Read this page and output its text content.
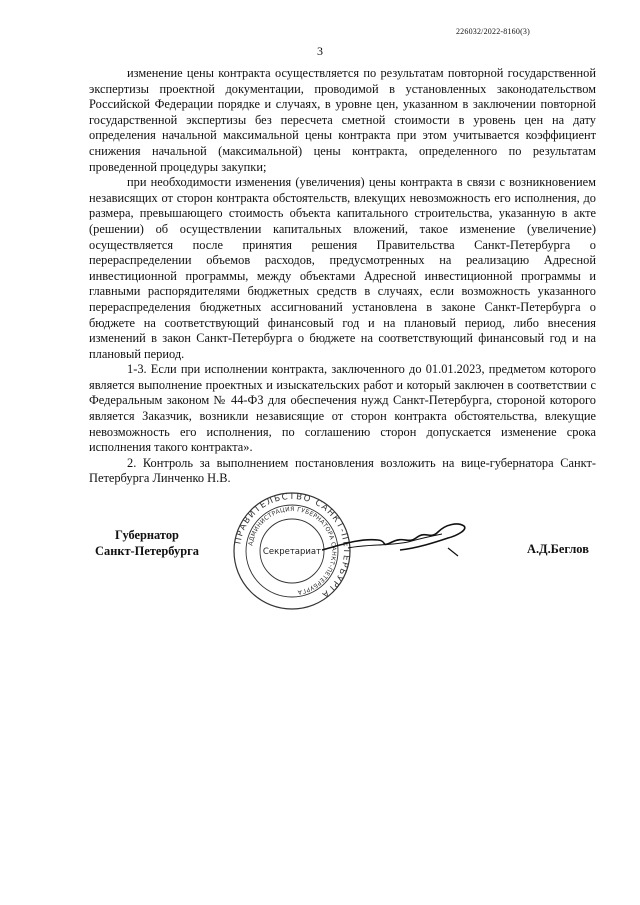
226032/2022-8160(3)
3

изменение цены контракта осуществляется по результатам повторной государственной экспертизы проектной документации, проводимой в установленных законодательством Российской Федерации порядке и случаях, в уровне цен, указанном в заключении повторной государственной экспертизы без пересчета сметной стоимости в уровень цен на дату определения начальной максимальной цены контракта при этом учитывается коэффициент снижения начальной (максимальной) цены контракта, определенного по результатам проведенной процедуры закупки;

при необходимости изменения (увеличения) цены контракта в связи с возникновением независящих от сторон контракта обстоятельств, влекущих невозможность его исполнения, до размера, превышающего стоимость объекта капитального строительства, указанную в акте (решении) об осуществлении капитальных вложений, такое изменение (увеличение) осуществляется после принятия решения Правительства Санкт-Петербурга о перераспределении объемов расходов, предусмотренных на реализацию Адресной инвестиционной программы, между объектами Адресной инвестиционной программы и главными распорядителями бюджетных средств в случаях, если возможность указанного перераспределения бюджетных ассигнований установлена в законе Санкт-Петербурга о бюджете на соответствующий финансовый год и на плановый период, либо внесения изменений в закон Санкт-Петербурга о бюджете на соответствующий финансовый год и на плановый период.

1-3. Если при исполнении контракта, заключенного до 01.01.2023, предметом которого является выполнение проектных и изыскательских работ и который заключен в соответствии с Федеральным законом № 44-ФЗ для обеспечения нужд Санкт-Петербурга, стороной которого является Заказчик, возникли независящие от сторон контракта обстоятельства, влекущие невозможность его исполнения, по соглашению сторон допускается изменение срока исполнения такого контракта».

2. Контроль за выполнением постановления возложить на вице-губернатора Санкт-Петербурга Линченко Н.В.

Губернатор
Санкт-Петербурга
ПРАВИТЕЛЬСТВО САНКТ-ПЕТЕРБУРГА
АДМИНИСТРАЦИЯ ГУБЕРНАТОРА САНКТ-ПЕТЕРБУРГА
Секретариат	А.Д.Беглов
